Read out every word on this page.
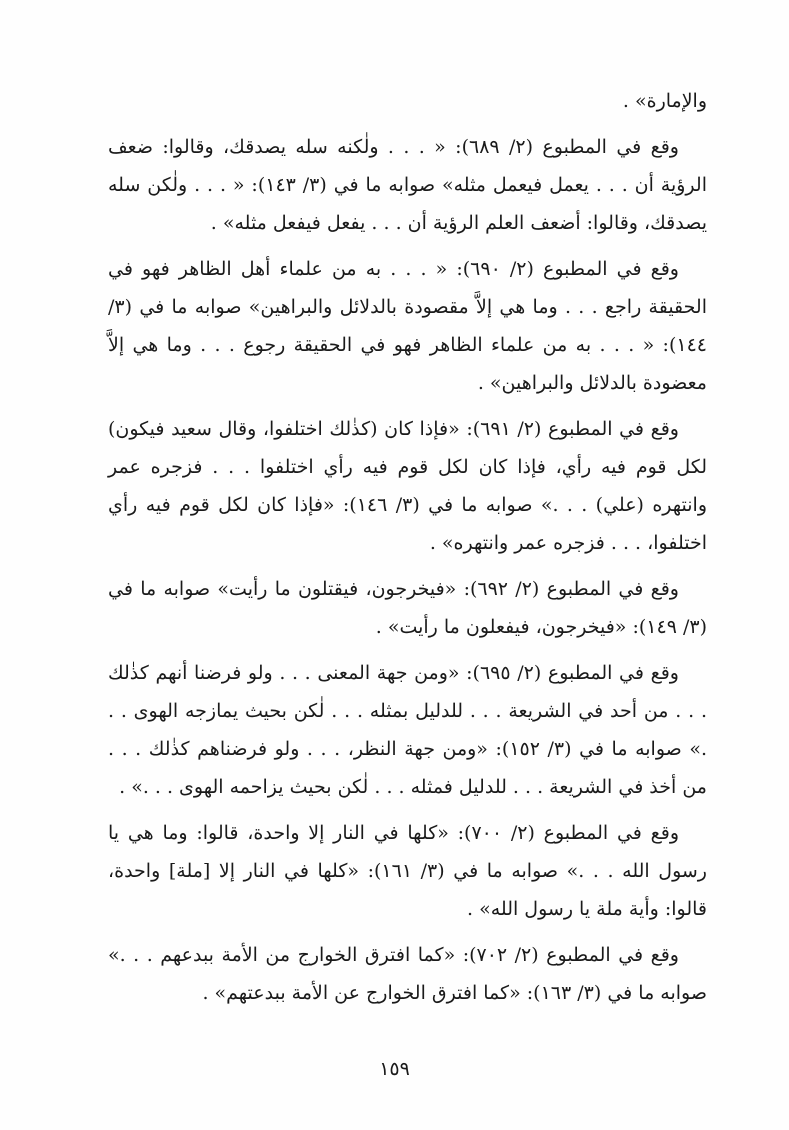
والإمارة» .

وقع في المطبوع (٢/ ٦٨٩): « . . . ولٰكنه سله يصدقك، وقالوا: ضعف الرؤية أن . . . يعمل فيعمل مثله» صوابه ما في (٣/ ١٤٣): « . . . ولٰكن سله يصدقك، وقالوا: أضعف العلم الرؤية أن . . . يفعل فيفعل مثله» .

وقع في المطبوع (٢/ ٦٩٠): « . . . به من علماء أهل الظاهر فهو في الحقيقة راجع . . . وما هي إلاَّ مقصودة بالدلائل والبراهين» صوابه ما في (٣/ ١٤٤): « . . . به من علماء الظاهر فهو في الحقيقة رجوع . . . وما هي إلاَّ معضودة بالدلائل والبراهين» .

وقع في المطبوع (٢/ ٦٩١): «فإذا كان (كذٰلك اختلفوا، وقال سعيد فيكون) لكل قوم فيه رأي، فإذا كان لكل قوم فيه رأي اختلفوا . . . فزجره عمر وانتهره (علي) . . .» صوابه ما في (٣/ ١٤٦): «فإذا كان لكل قوم فيه رأي اختلفوا، . . . فزجره عمر وانتهره» .

وقع في المطبوع (٢/ ٦٩٢): «فيخرجون، فيقتلون ما رأيت» صوابه ما في (٣/ ١٤٩): «فيخرجون، فيفعلون ما رأيت» .

وقع في المطبوع (٢/ ٦٩٥): «ومن جهة المعنى . . . ولو فرضنا أنهم كذٰلك . . . من أحد في الشريعة . . . للدليل بمثله . . . لٰكن بحيث يمازجه الهوى . . .» صوابه ما في (٣/ ١٥٢): «ومن جهة النظر، . . . ولو فرضناهم كذٰلك . . . من أخذ في الشريعة . . . للدليل فمثله . . . لٰكن بحيث يزاحمه الهوى . . .» .

وقع في المطبوع (٢/ ٧٠٠): «كلها في النار إلا واحدة، قالوا: وما هي يا رسول الله . . .» صوابه ما في (٣/ ١٦١): «كلها في النار إلا [ملة] واحدة، قالوا: وأية ملة يا رسول الله» .

وقع في المطبوع (٢/ ٧٠٢): «كما افترق الخوارج من الأمة ببدعهم . . .» صوابه ما في (٣/ ١٦٣): «كما افترق الخوارج عن الأمة ببدعتهم» .

١٥٩
